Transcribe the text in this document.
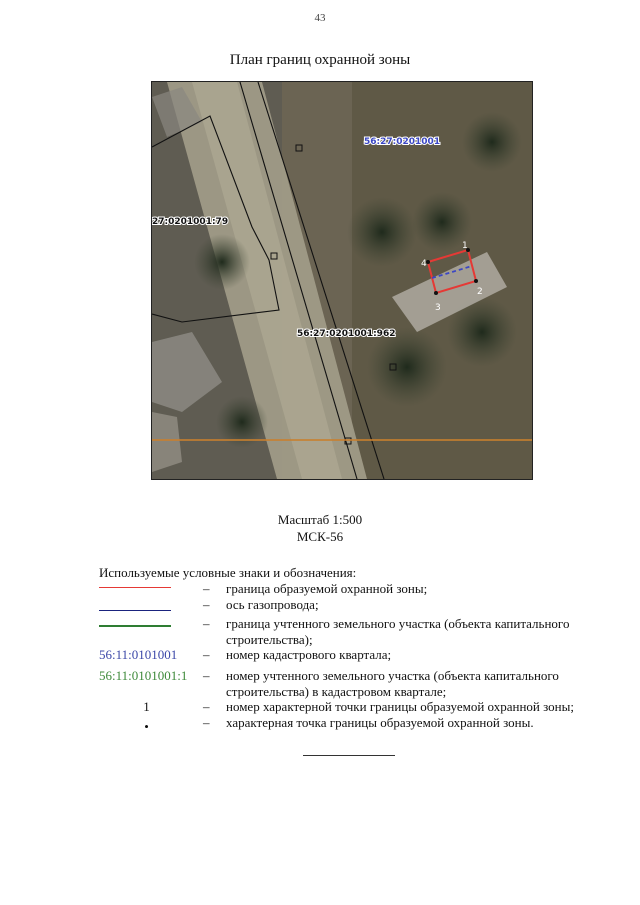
43
План границ охранной зоны
1
2
3
4
56:27:0201001
27:0201001:79
56:27:0201001:962
Масштаб 1:500
МСК-56
Используемые условные знаки и обозначения:
– граница образуемой охранной зоны;
– ось газопровода;
– граница учтенного земельного участка (объекта капитального строительства);
56:11:0101001	– номер кадастрового квартала;
56:11:0101001:1	– номер учтенного земельного участка (объекта капитального строительства) в кадастровом квартале;
1	– номер характерной точки границы образуемой охранной зоны;
•	– характерная точка границы образуемой охранной зоны.
